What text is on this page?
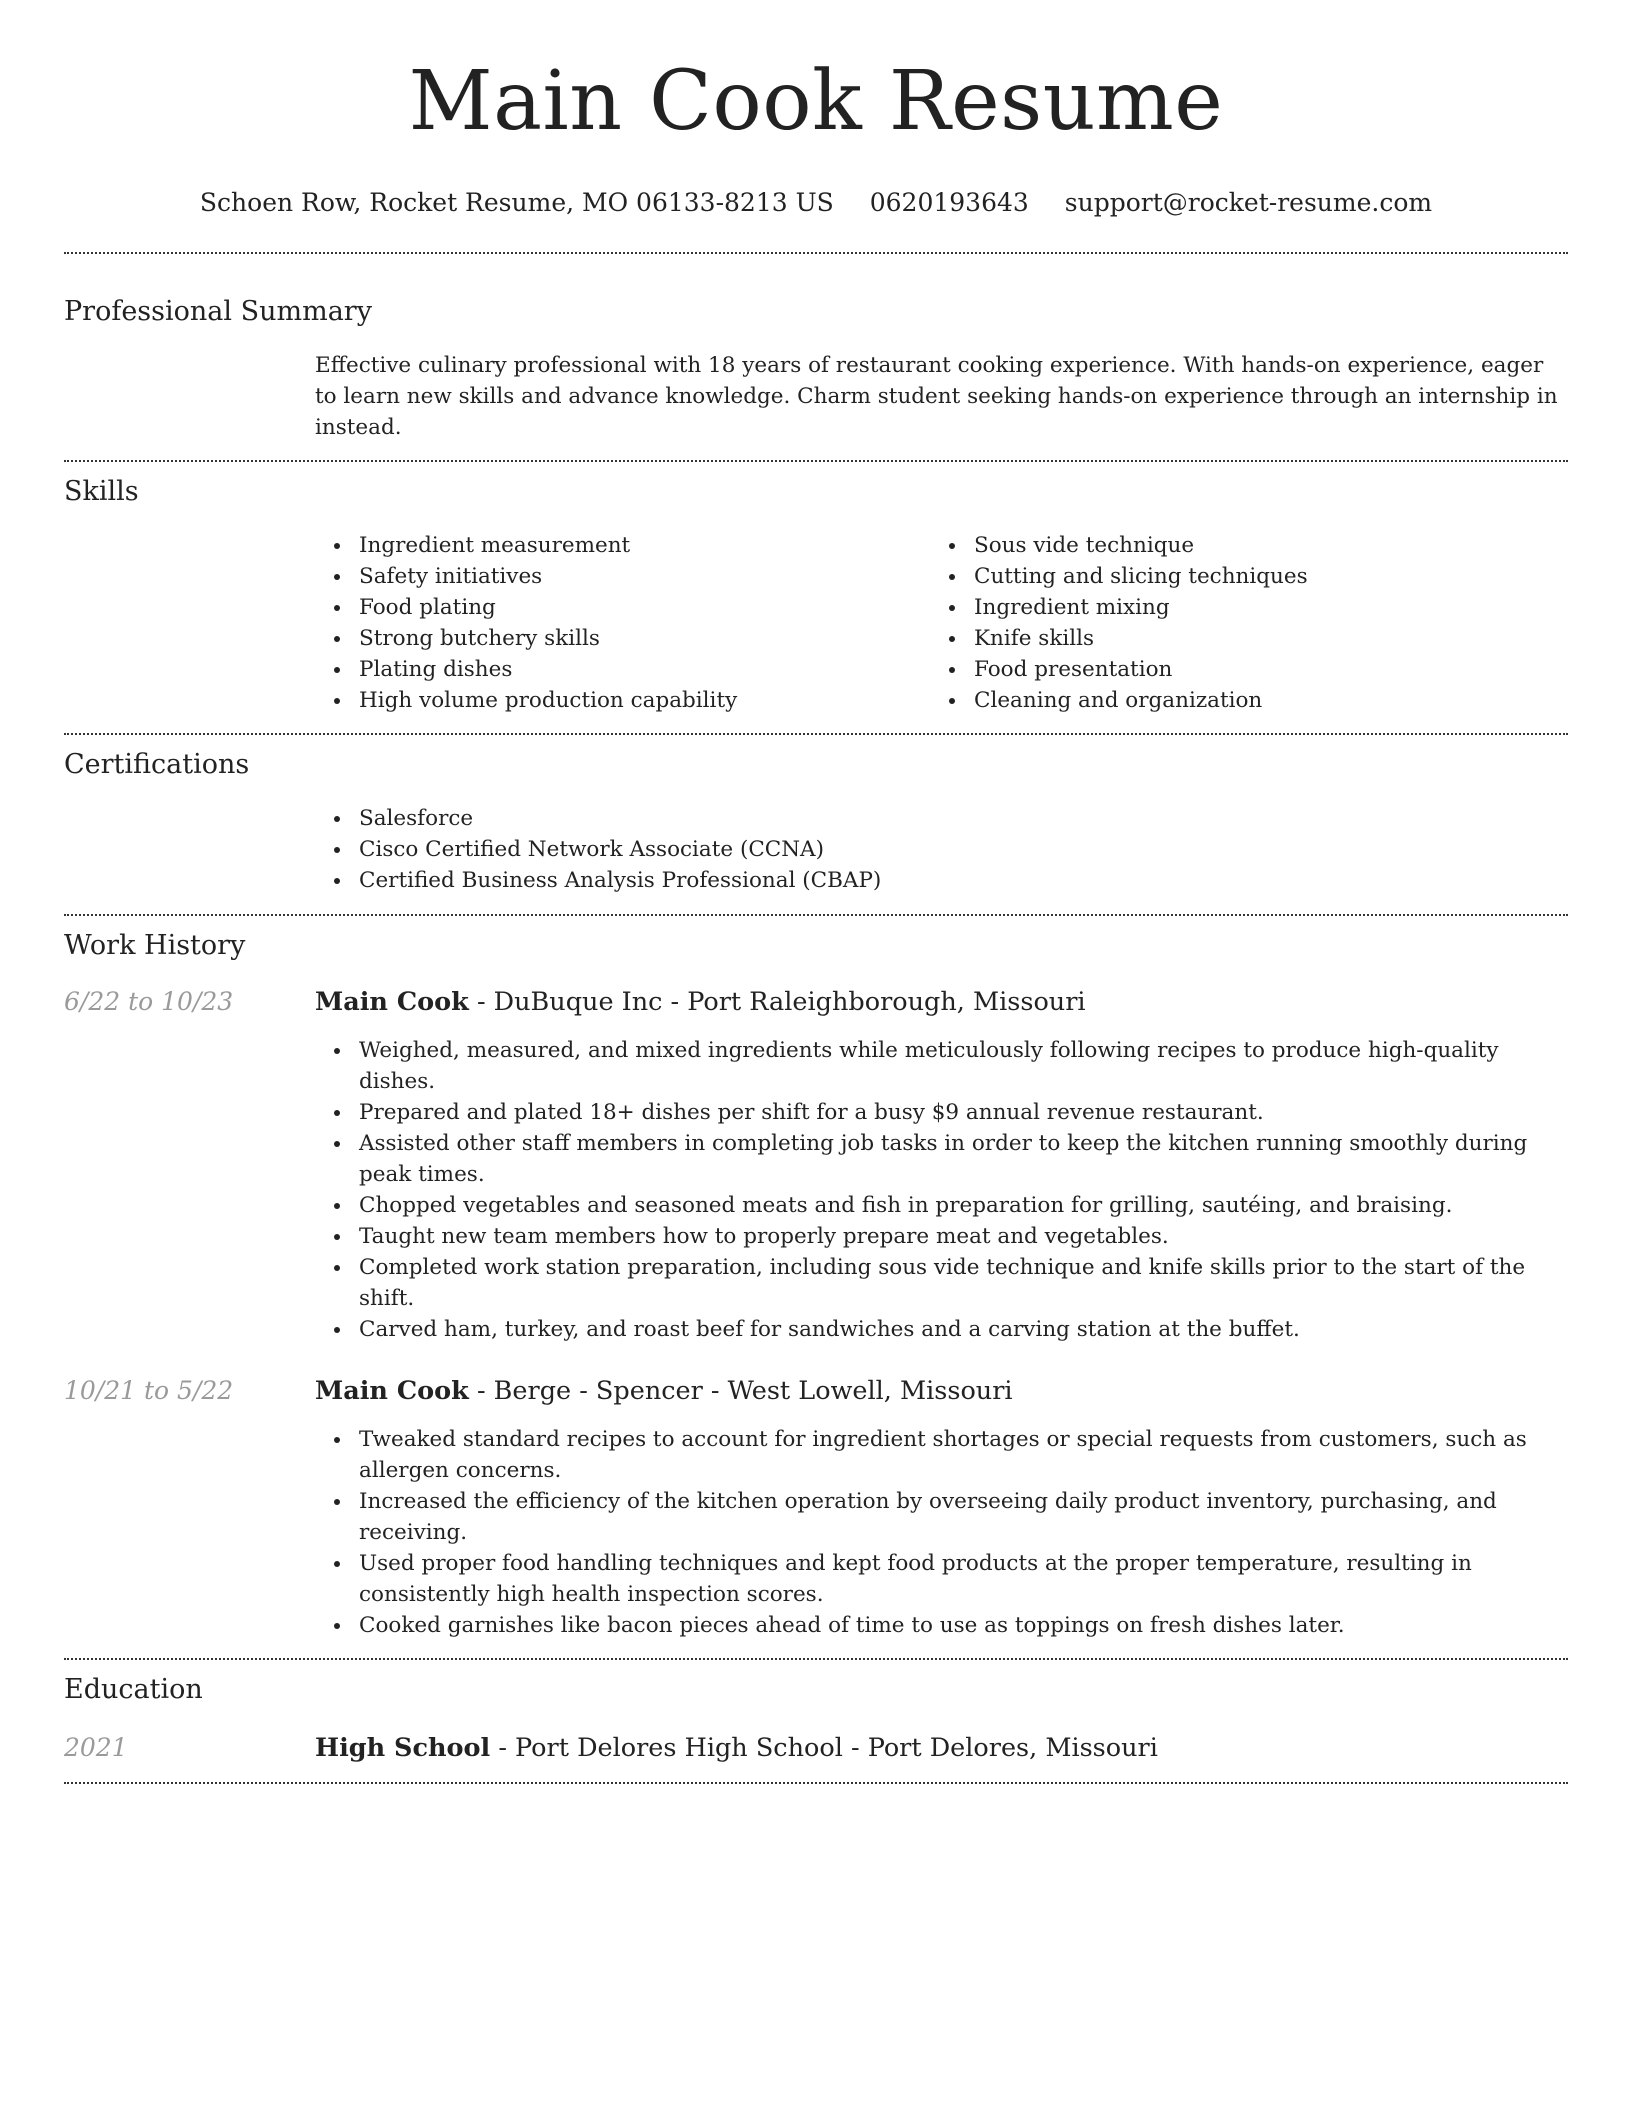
Main Cook Resume
Schoen Row, Rocket Resume, MO 06133-8213 US 0620193643 support@rocket-resume.com
Professional Summary
Effective culinary professional with 18 years of restaurant cooking experience. With hands-on experience, eager to learn new skills and advance knowledge. Charm student seeking hands-on experience through an internship in instead.
Skills
Ingredient measurement
Safety initiatives
Food plating
Strong butchery skills
Plating dishes
High volume production capability
Sous vide technique
Cutting and slicing techniques
Ingredient mixing
Knife skills
Food presentation
Cleaning and organization
Certifications
Salesforce
Cisco Certified Network Associate (CCNA)
Certified Business Analysis Professional (CBAP)
Work History
6/22 to 10/23	Main Cook - DuBuque Inc - Port Raleighborough, Missouri
Weighed, measured, and mixed ingredients while meticulously following recipes to produce high-quality dishes.
Prepared and plated 18+ dishes per shift for a busy $9 annual revenue restaurant.
Assisted other staff members in completing job tasks in order to keep the kitchen running smoothly during peak times.
Chopped vegetables and seasoned meats and fish in preparation for grilling, sautéing, and braising.
Taught new team members how to properly prepare meat and vegetables.
Completed work station preparation, including sous vide technique and knife skills prior to the start of the shift.
Carved ham, turkey, and roast beef for sandwiches and a carving station at the buffet.
10/21 to 5/22	Main Cook - Berge - Spencer - West Lowell, Missouri
Tweaked standard recipes to account for ingredient shortages or special requests from customers, such as allergen concerns.
Increased the efficiency of the kitchen operation by overseeing daily product inventory, purchasing, and receiving.
Used proper food handling techniques and kept food products at the proper temperature, resulting in consistently high health inspection scores.
Cooked garnishes like bacon pieces ahead of time to use as toppings on fresh dishes later.
Education
2021	High School - Port Delores High School - Port Delores, Missouri
